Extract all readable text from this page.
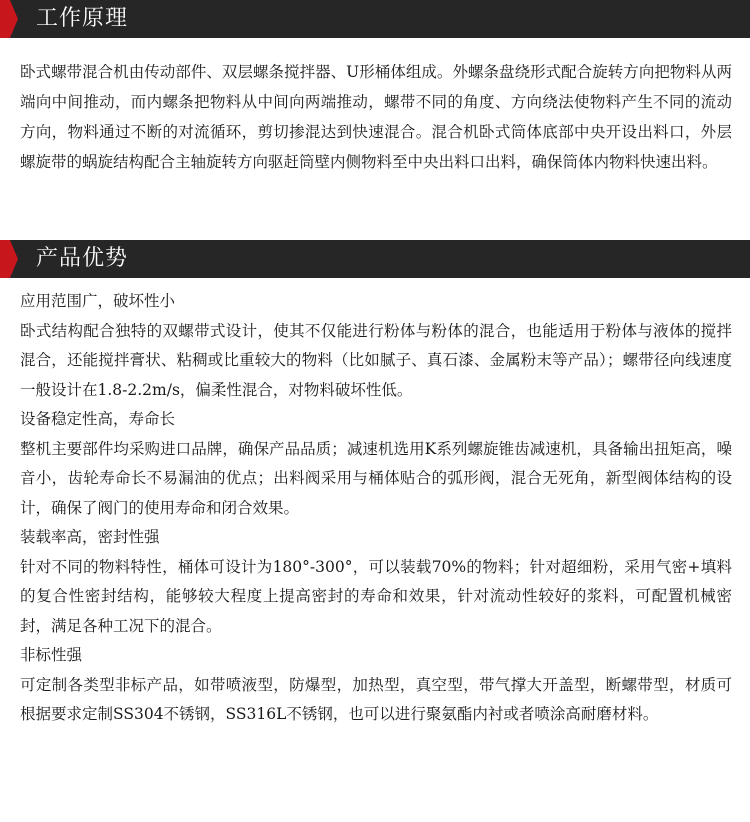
工作原理

卧式螺带混合机由传动部件、双层螺条搅拌器、U形桶体组成。外螺条盘绕形式配合旋转方向把物料从两端向中间推动，而内螺条把物料从中间向两端推动，螺带不同的角度、方向绕法使物料产生不同的流动方向，物料通过不断的对流循环，剪切掺混达到快速混合。混合机卧式筒体底部中央开设出料口，外层螺旋带的蜗旋结构配合主轴旋转方向驱赶筒壁内侧物料至中央出料口出料，确保筒体内物料快速出料。

产品优势

应用范围广，破坏性小

卧式结构配合独特的双螺带式设计，使其不仅能进行粉体与粉体的混合，也能适用于粉体与液体的搅拌混合，还能搅拌膏状、粘稠或比重较大的物料（比如腻子、真石漆、金属粉末等产品）；螺带径向线速度一般设计在1.8-2.2m/s，偏柔性混合，对物料破坏性低。

设备稳定性高，寿命长

整机主要部件均采购进口品牌，确保产品品质；减速机选用K系列螺旋锥齿减速机，具备输出扭矩高，噪音小，齿轮寿命长不易漏油的优点；出料阀采用与桶体贴合的弧形阀，混合无死角，新型阀体结构的设计，确保了阀门的使用寿命和闭合效果。

装载率高，密封性强

针对不同的物料特性，桶体可设计为180°-300°，可以装载70%的物料；针对超细粉，采用气密+填料的复合性密封结构，能够较大程度上提高密封的寿命和效果，针对流动性较好的浆料，可配置机械密封，满足各种工况下的混合。

非标性强

可定制各类型非标产品，如带喷液型，防爆型，加热型，真空型，带气撑大开盖型，断螺带型，材质可根据要求定制SS304不锈钢，SS316L不锈钢，也可以进行聚氨酯内衬或者喷涂高耐磨材料。
